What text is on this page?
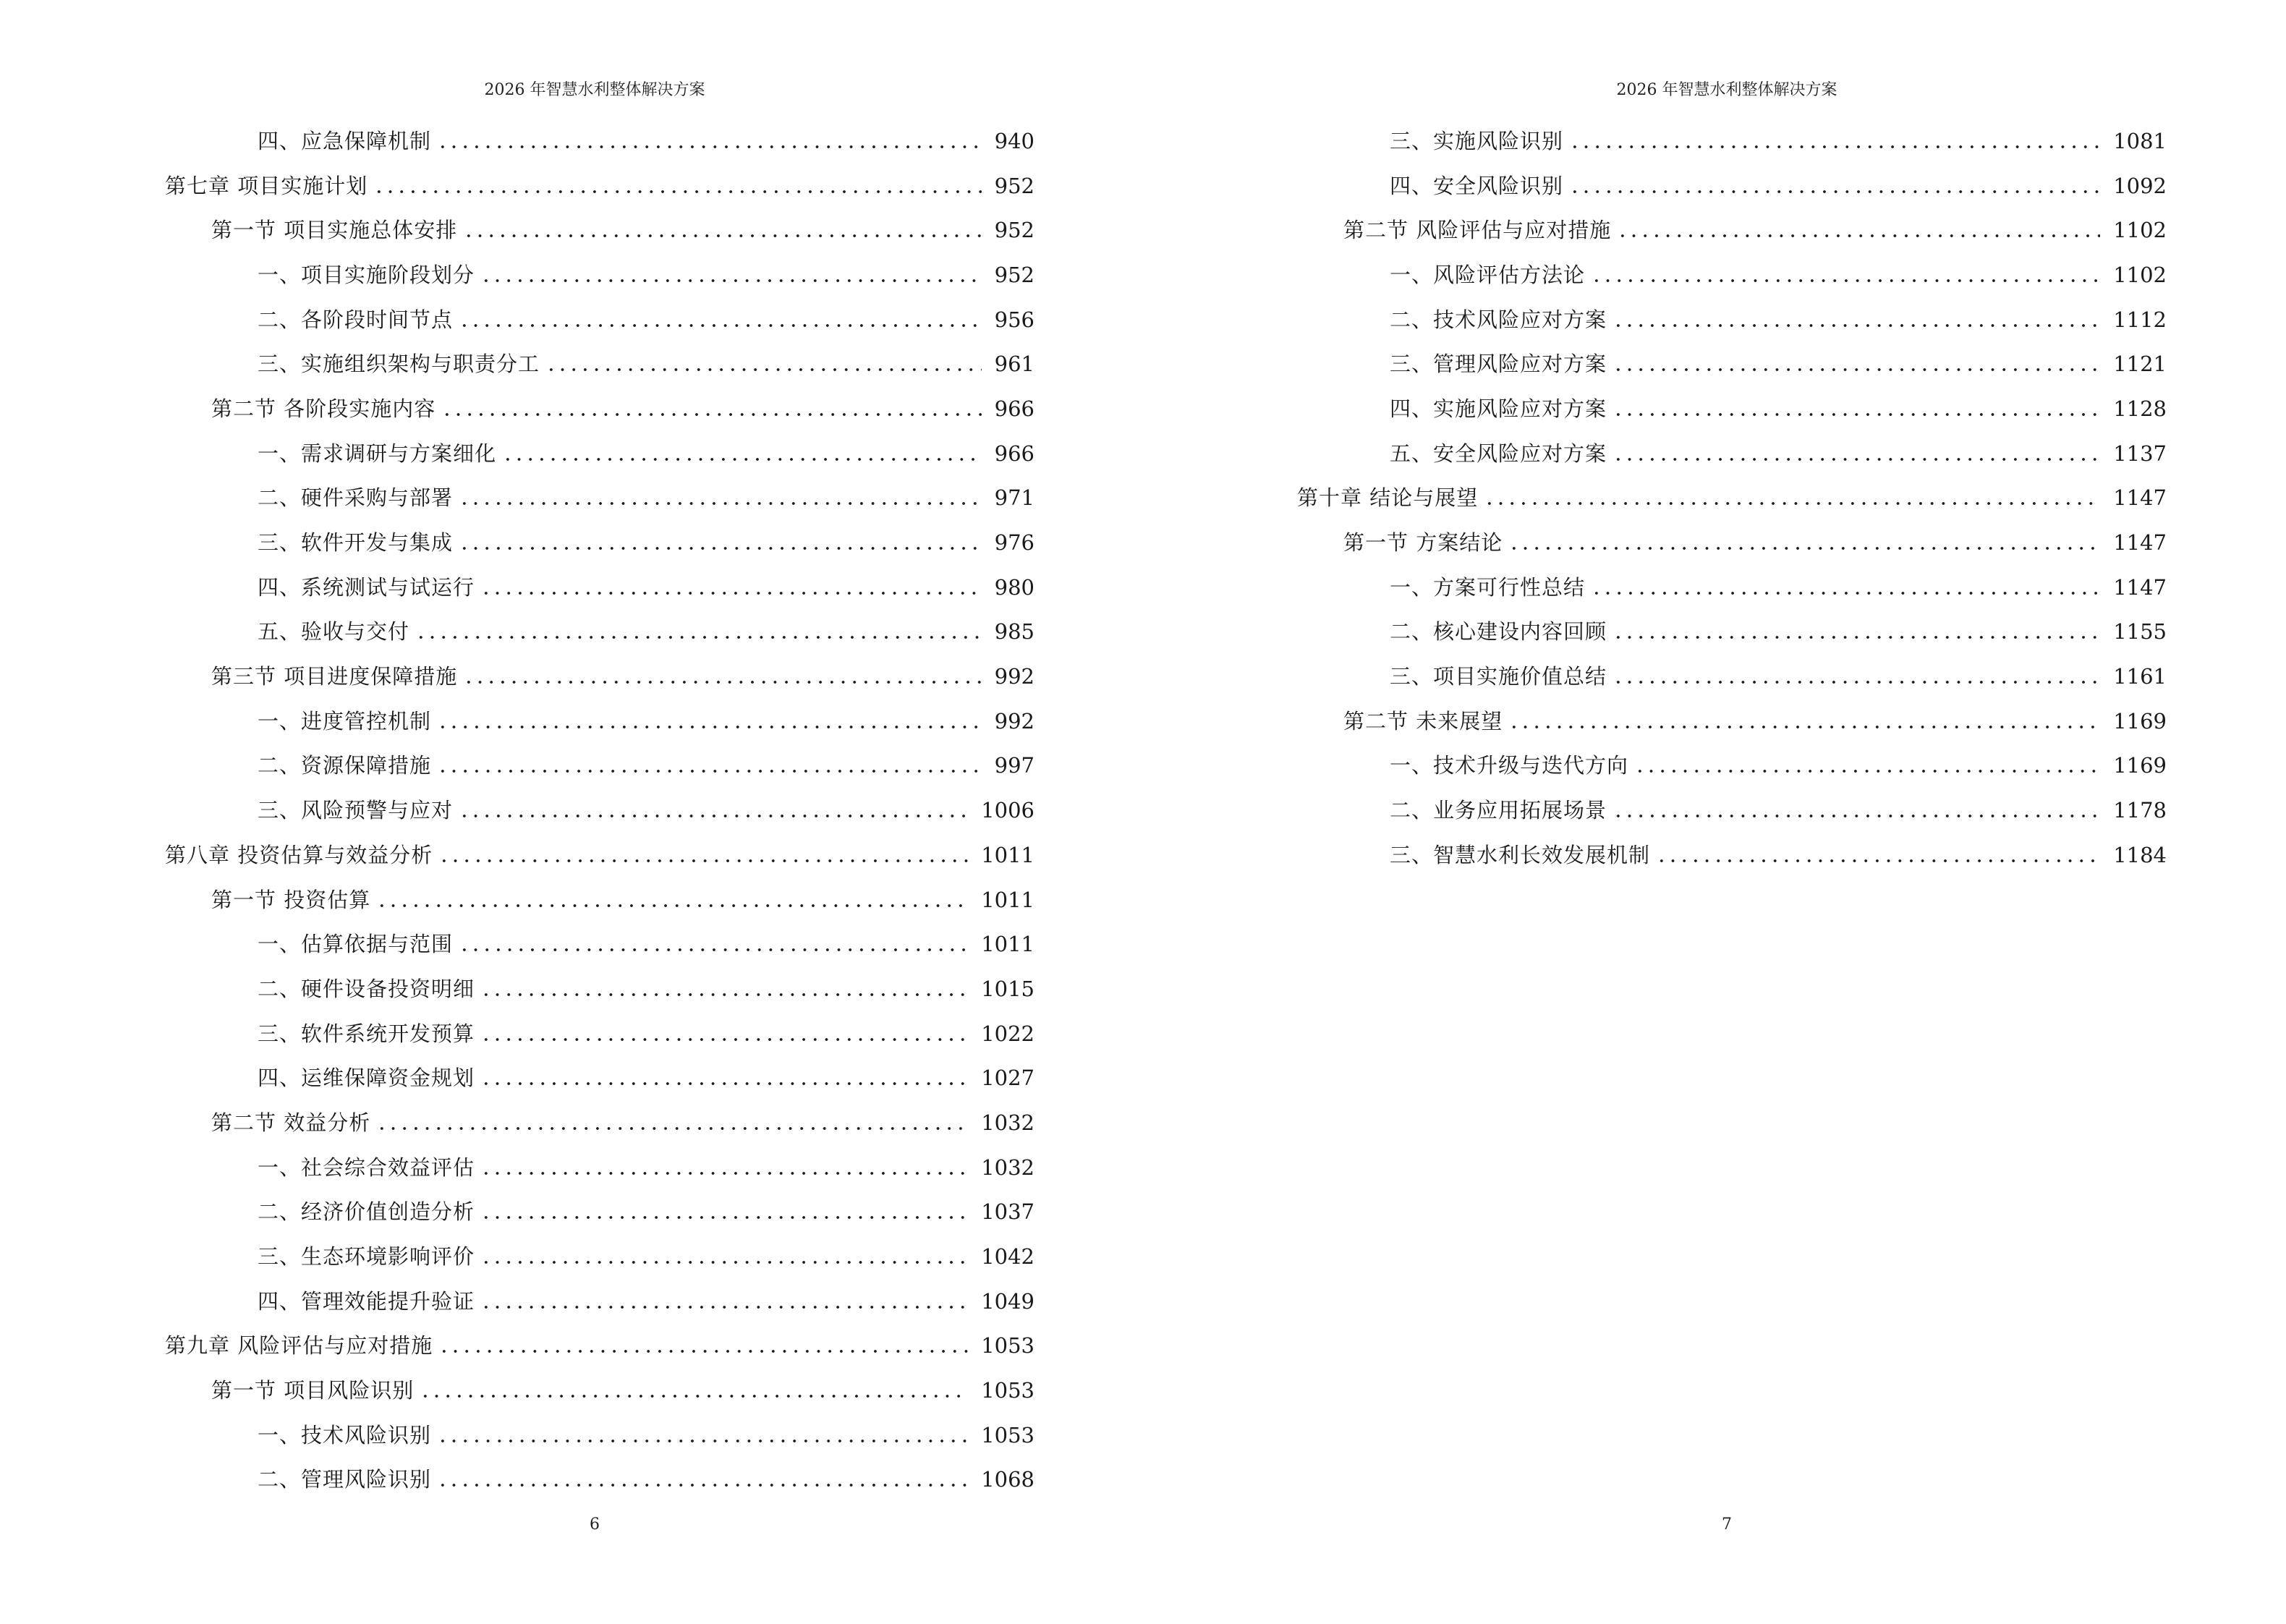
2026 年智慧水利整体解决方案
四、应急保障机制	940
第七章 项目实施计划	952
第一节 项目实施总体安排	952
一、项目实施阶段划分	952
二、各阶段时间节点	956
三、实施组织架构与职责分工	961
第二节 各阶段实施内容	966
一、需求调研与方案细化	966
二、硬件采购与部署	971
三、软件开发与集成	976
四、系统测试与试运行	980
五、验收与交付	985
第三节 项目进度保障措施	992
一、进度管控机制	992
二、资源保障措施	997
三、风险预警与应对	1006
第八章 投资估算与效益分析	1011
第一节 投资估算	1011
一、估算依据与范围	1011
二、硬件设备投资明细	1015
三、软件系统开发预算	1022
四、运维保障资金规划	1027
第二节 效益分析	1032
一、社会综合效益评估	1032
二、经济价值创造分析	1037
三、生态环境影响评价	1042
四、管理效能提升验证	1049
第九章 风险评估与应对措施	1053
第一节 项目风险识别	1053
一、技术风险识别	1053
二、管理风险识别	1068
6
2026 年智慧水利整体解决方案
三、实施风险识别	1081
四、安全风险识别	1092
第二节 风险评估与应对措施	1102
一、风险评估方法论	1102
二、技术风险应对方案	1112
三、管理风险应对方案	1121
四、实施风险应对方案	1128
五、安全风险应对方案	1137
第十章 结论与展望	1147
第一节 方案结论	1147
一、方案可行性总结	1147
二、核心建设内容回顾	1155
三、项目实施价值总结	1161
第二节 未来展望	1169
一、技术升级与迭代方向	1169
二、业务应用拓展场景	1178
三、智慧水利长效发展机制	1184
7
